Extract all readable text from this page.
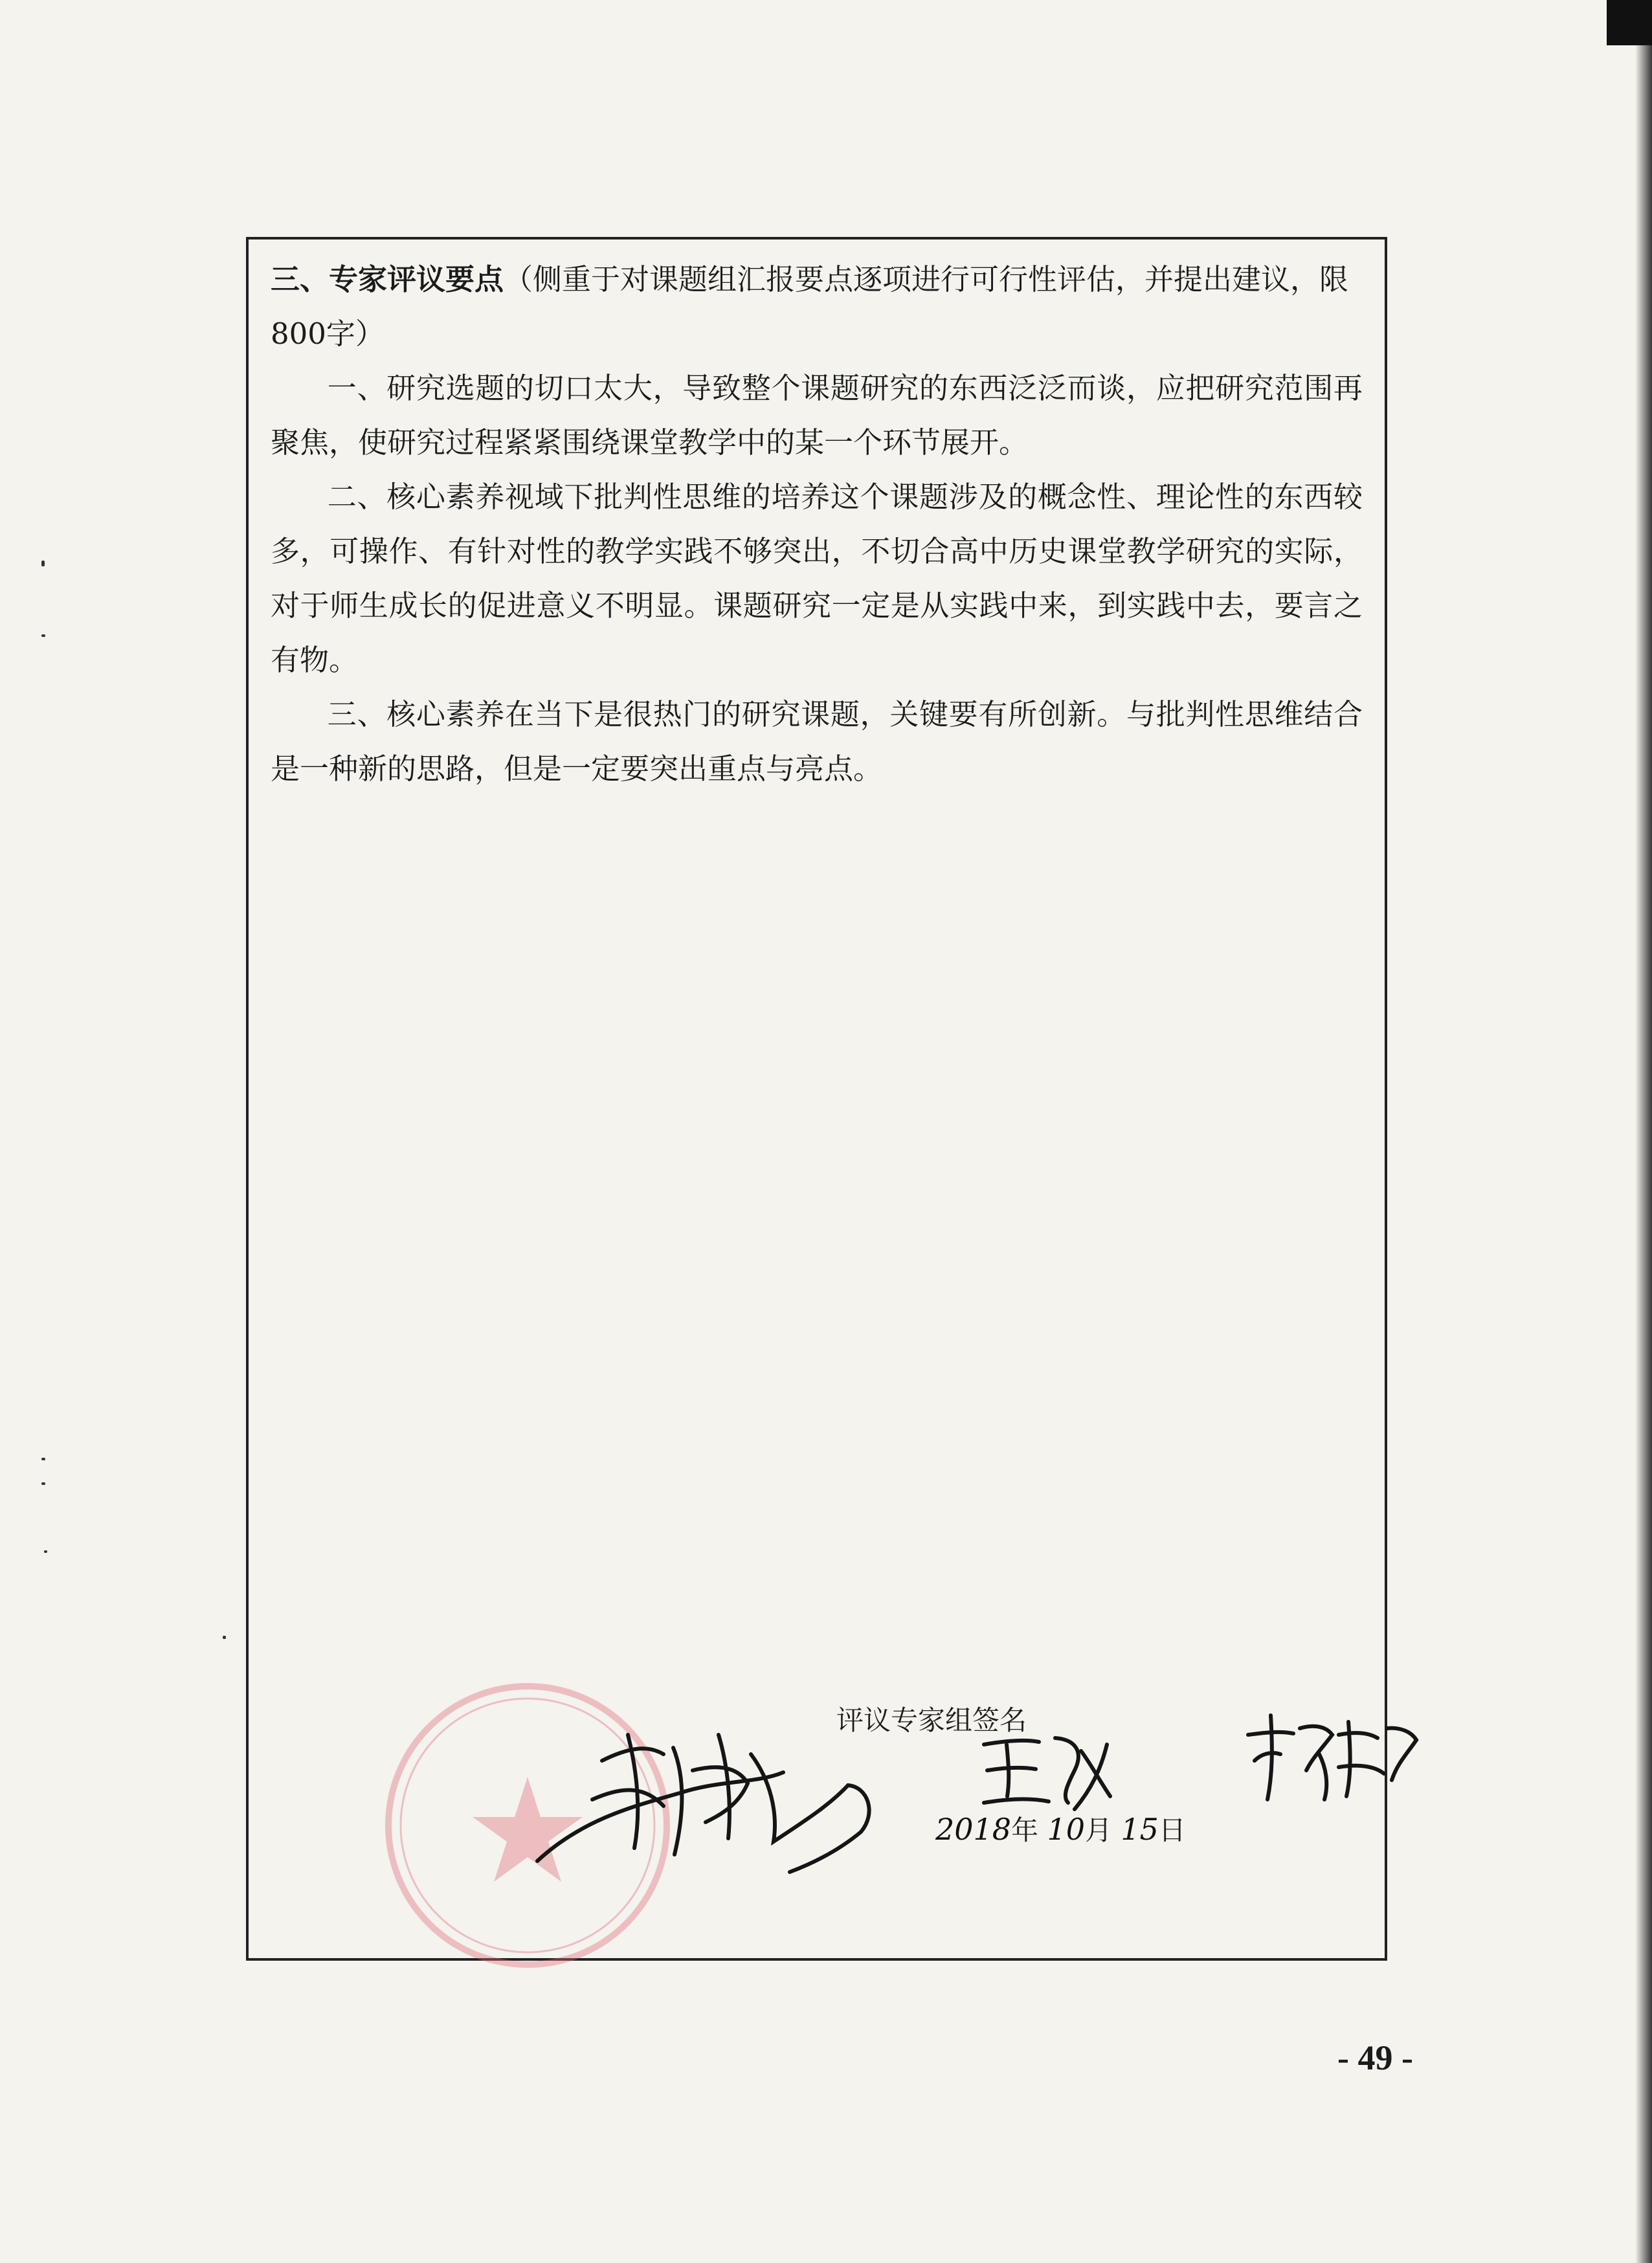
三、专家评议要点（侧重于对课题组汇报要点逐项进行可行性评估，并提出建议，限800字）

一、研究选题的切口太大，导致整个课题研究的东西泛泛而谈，应把研究范围再聚焦，使研究过程紧紧围绕课堂教学中的某一个环节展开。

二、核心素养视域下批判性思维的培养这个课题涉及的概念性、理论性的东西较多，可操作、有针对性的教学实践不够突出，不切合高中历史课堂教学研究的实际，对于师生成长的促进意义不明显。课题研究一定是从实践中来，到实践中去，要言之有物。

三、核心素养在当下是很热门的研究课题，关键要有所创新。与批判性思维结合是一种新的思路，但是一定要突出重点与亮点。

评议专家组签名
2018年 10月 15日
- 49 -
